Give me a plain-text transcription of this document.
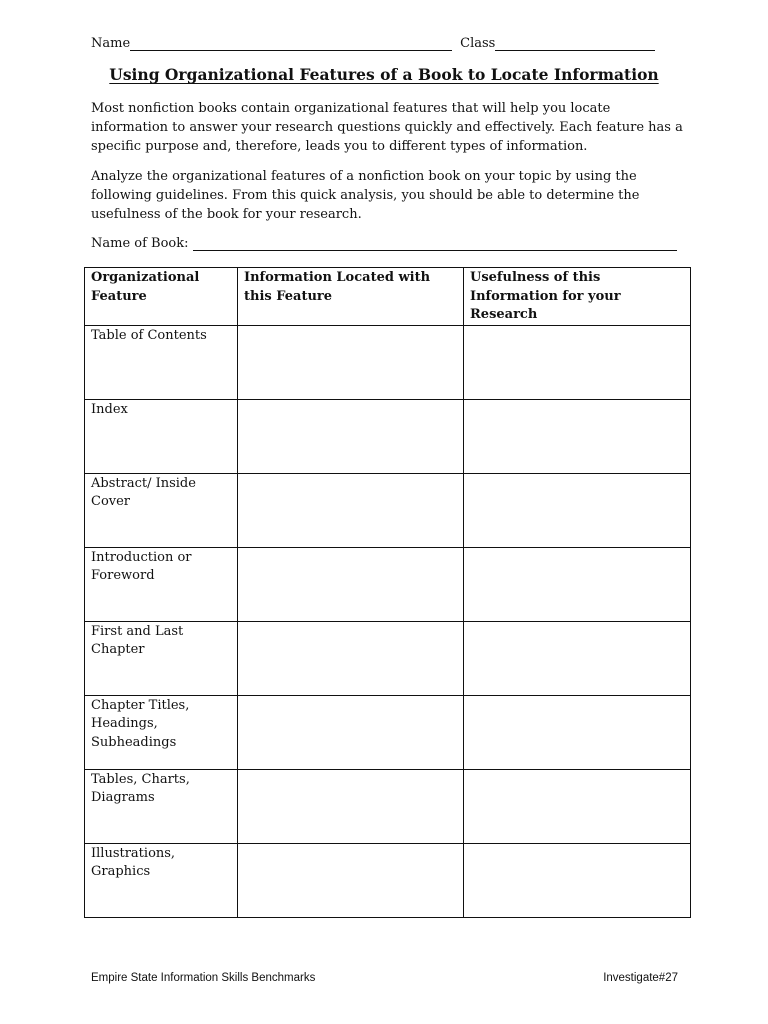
Name	Class
Using Organizational Features of a Book to Locate Information
Most nonfiction books contain organizational features that will help you locate information to answer your research questions quickly and effectively. Each feature has a specific purpose and, therefore, leads you to different types of information.
Analyze the organizational features of a nonfiction book on your topic by using the following guidelines. From this quick analysis, you should be able to determine the usefulness of the book for your research.
Name of Book:
Organizational Feature	Information Located with this Feature	Usefulness of this Information for your Research
Table of Contents		
Index		
Abstract/ Inside Cover		
Introduction or Foreword		
First and Last Chapter		
Chapter Titles, Headings, Subheadings		
Tables, Charts, Diagrams		
Illustrations, Graphics		
Empire State Information Skills Benchmarks	Investigate#27
